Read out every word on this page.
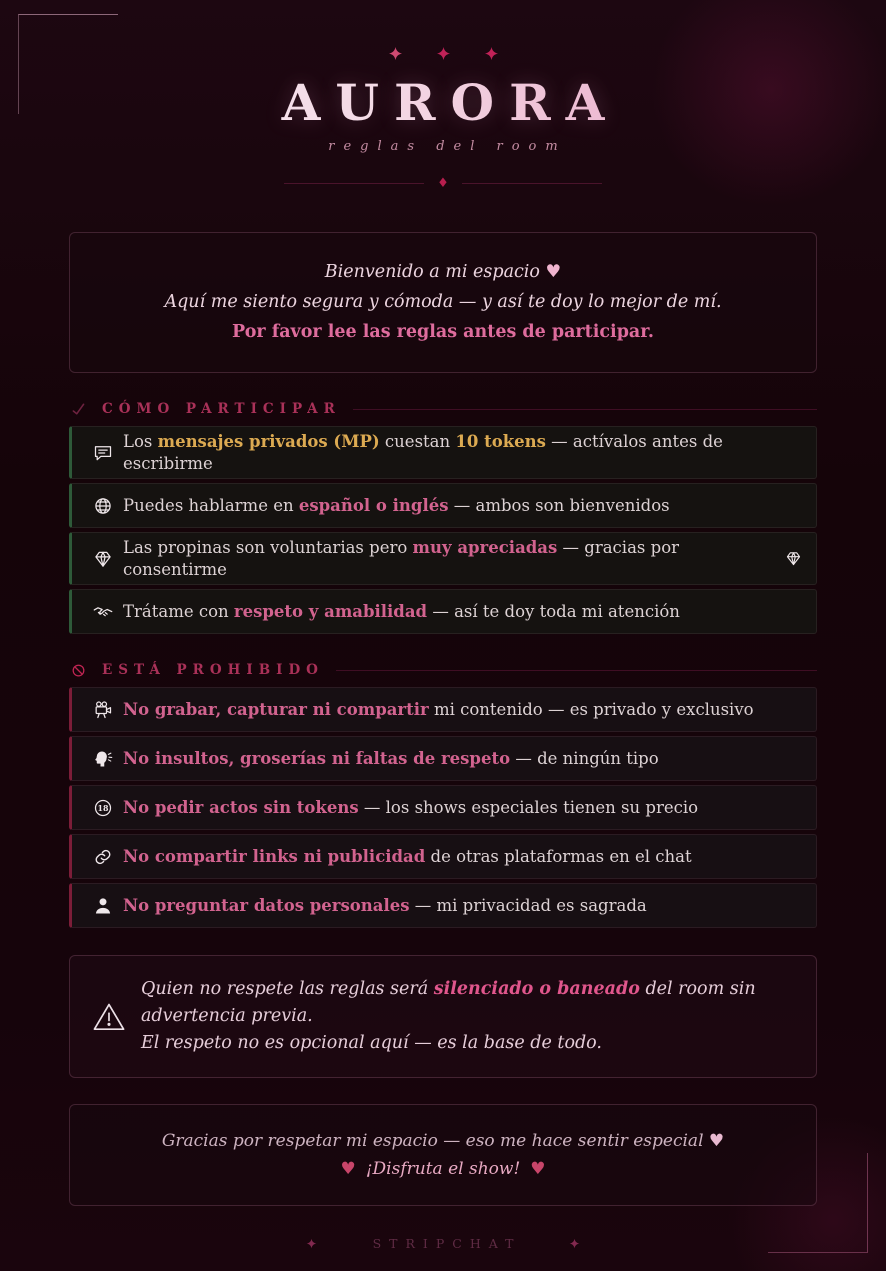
AURORA
reglas del room
♦
Bienvenido a mi espacio ♥
Aquí me siento segura y cómoda — y así te doy lo mejor de mí.
Por favor lee las reglas antes de participar.
CÓMO PARTICIPAR
Los mensajes privados (MP) cuestan 10 tokens — actívalos antes de escribirme
Puedes hablarme en español o inglés — ambos son bienvenidos
Las propinas son voluntarias pero muy apreciadas — gracias por consentirme
Trátame con respeto y amabilidad — así te doy toda mi atención
ESTÁ PROHIBIDO
No grabar, capturar ni compartir mi contenido — es privado y exclusivo
No insultos, groserías ni faltas de respeto — de ningún tipo
18 No pedir actos sin tokens — los shows especiales tienen su precio
No compartir links ni publicidad de otras plataformas en el chat
No preguntar datos personales — mi privacidad es sagrada
Quien no respete las reglas será silenciado o baneado del room sin advertencia previa.
El respeto no es opcional aquí — es la base de todo.
Gracias por respetar mi espacio — eso me hace sentir especial ♥
♥ ¡Disfruta el show! ♥
STRIPCHAT
